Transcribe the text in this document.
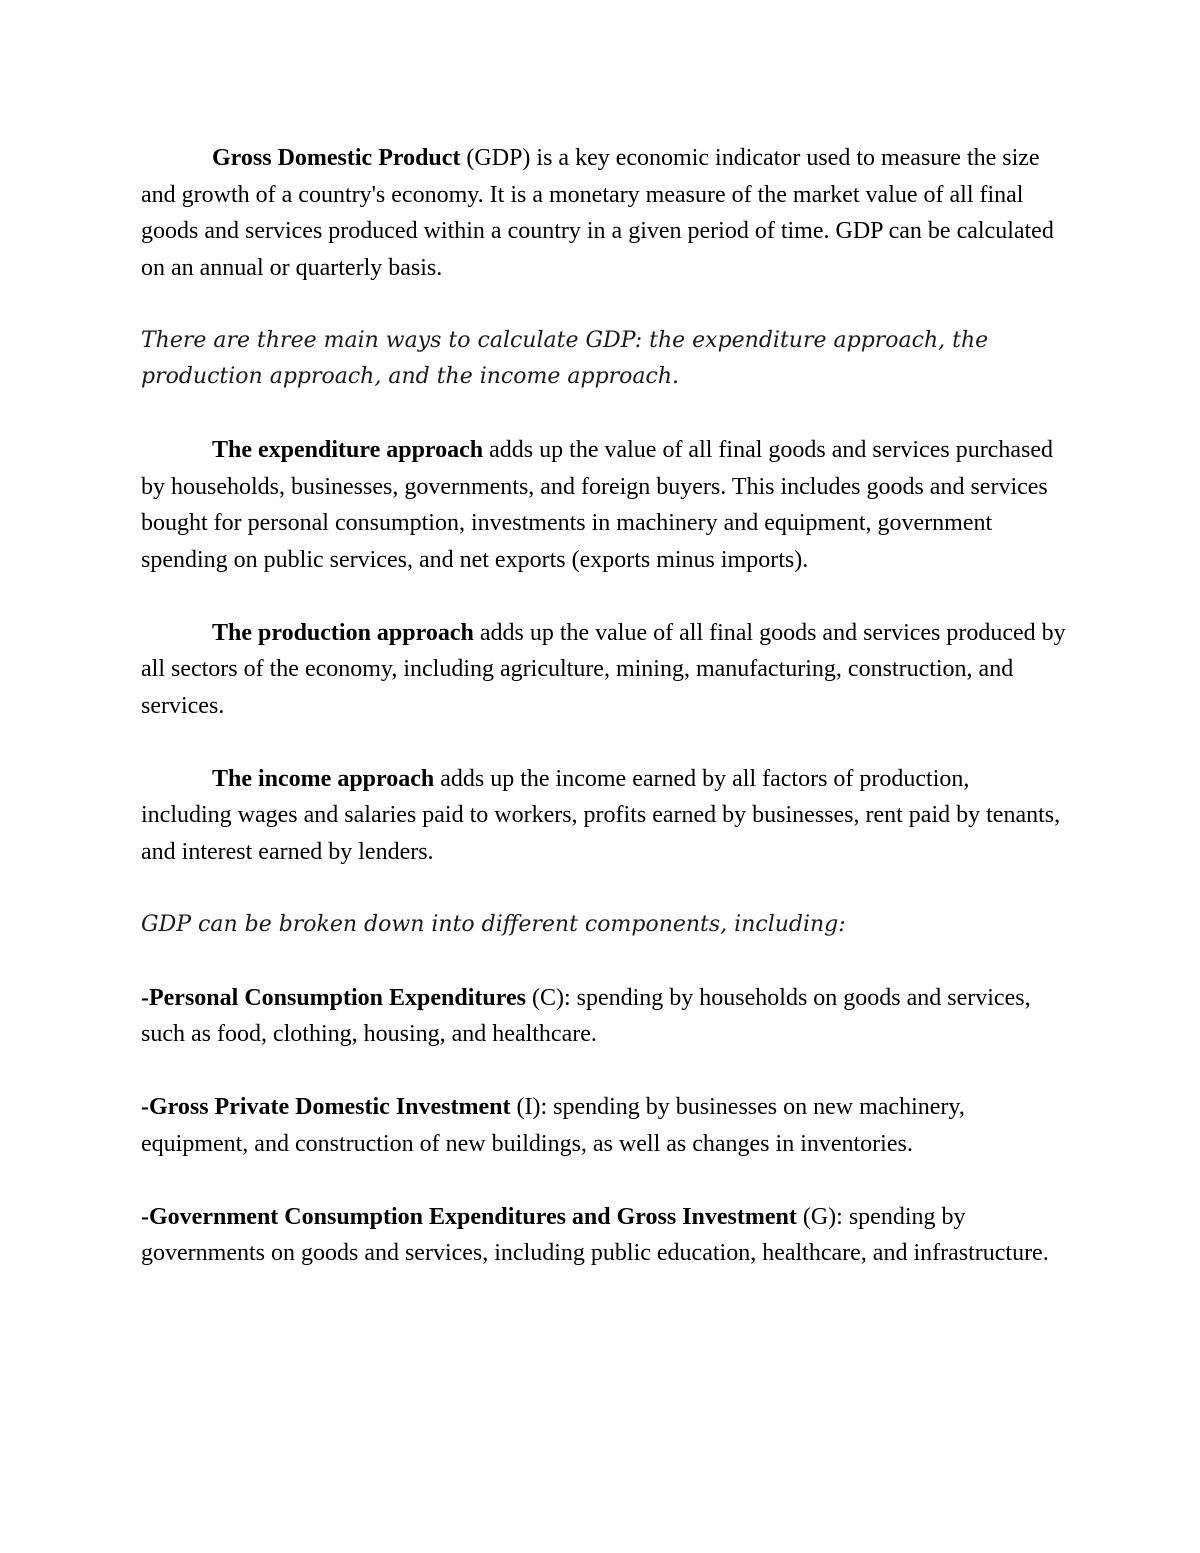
Gross Domestic Product (GDP) is a key economic indicator used to measure the size and growth of a country's economy. It is a monetary measure of the market value of all final goods and services produced within a country in a given period of time. GDP can be calculated on an annual or quarterly basis.

There are three main ways to calculate GDP: the expenditure approach, the production approach, and the income approach.

The expenditure approach adds up the value of all final goods and services purchased by households, businesses, governments, and foreign buyers. This includes goods and services bought for personal consumption, investments in machinery and equipment, government spending on public services, and net exports (exports minus imports).

The production approach adds up the value of all final goods and services produced by all sectors of the economy, including agriculture, mining, manufacturing, construction, and services.

The income approach adds up the income earned by all factors of production, including wages and salaries paid to workers, profits earned by businesses, rent paid by tenants, and interest earned by lenders.

GDP can be broken down into different components, including:

-Personal Consumption Expenditures (C): spending by households on goods and services, such as food, clothing, housing, and healthcare.

-Gross Private Domestic Investment (I): spending by businesses on new machinery, equipment, and construction of new buildings, as well as changes in inventories.

-Government Consumption Expenditures and Gross Investment (G): spending by governments on goods and services, including public education, healthcare, and infrastructure.
